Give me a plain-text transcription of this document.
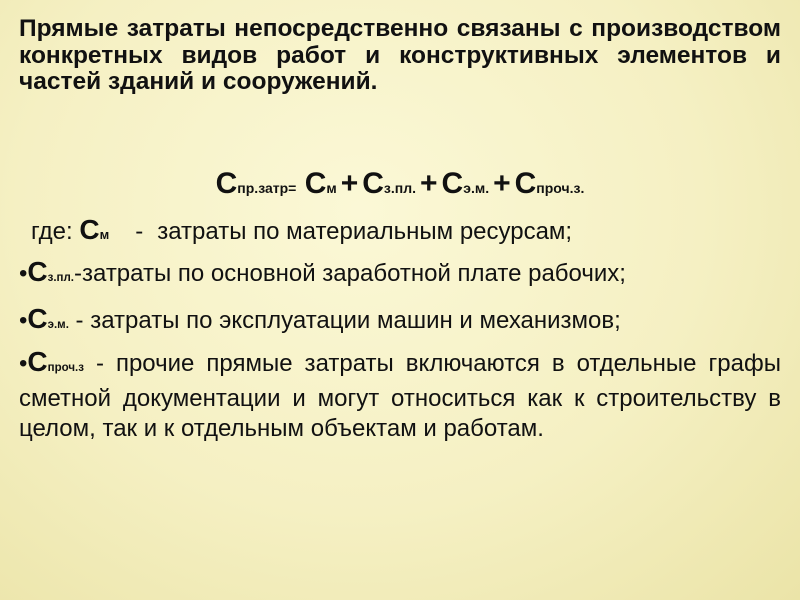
Прямые затраты непосредственно связаны с производством конкретных видов работ и конструктивных элементов и частей зданий и сооружений.

Спр.затр= См + Сз.пл. + Сэ.м. + Спроч.з.

где: См - затраты по материальным ресурсам;

•Сз.пл.-затраты по основной заработной плате рабочих;

•Сэ.м. - затраты по эксплуатации машин и механизмов;

•Спроч.з - прочие прямые затраты включаются в отдельные графы сметной документации и могут относиться как к строительству в целом, так и к отдельным объектам и работам.
